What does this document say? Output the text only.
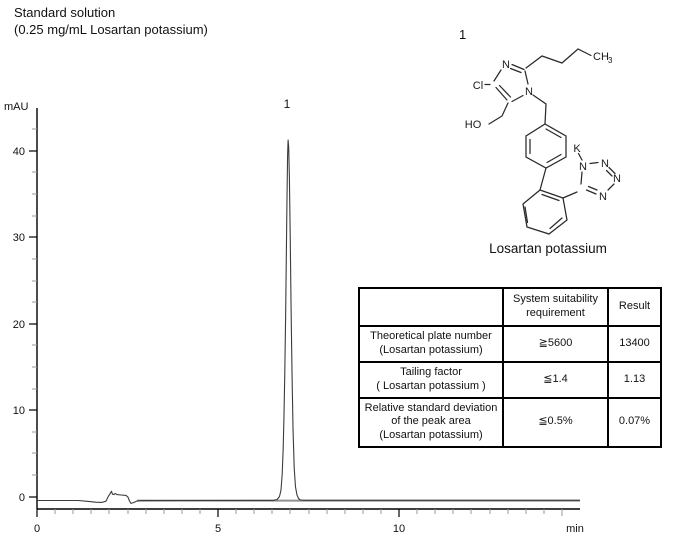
Standard solution
(0.25 mg/mL Losartan potassium)
0
10
20
30
40
mAU
0	5	10	min
1
N
N
Cl
HO
CH 3
K
N N
N
N
1
Losartan potassium
	System suitability requirement	Result

Theoretical plate number
(Losartan potassium)	≧5600	13400

Tailing factor
( Losartan potassium )	≦1.4	1.13

Relative standard deviation
of the peak area
(Losartan potassium)	≦0.5%	0.07%
